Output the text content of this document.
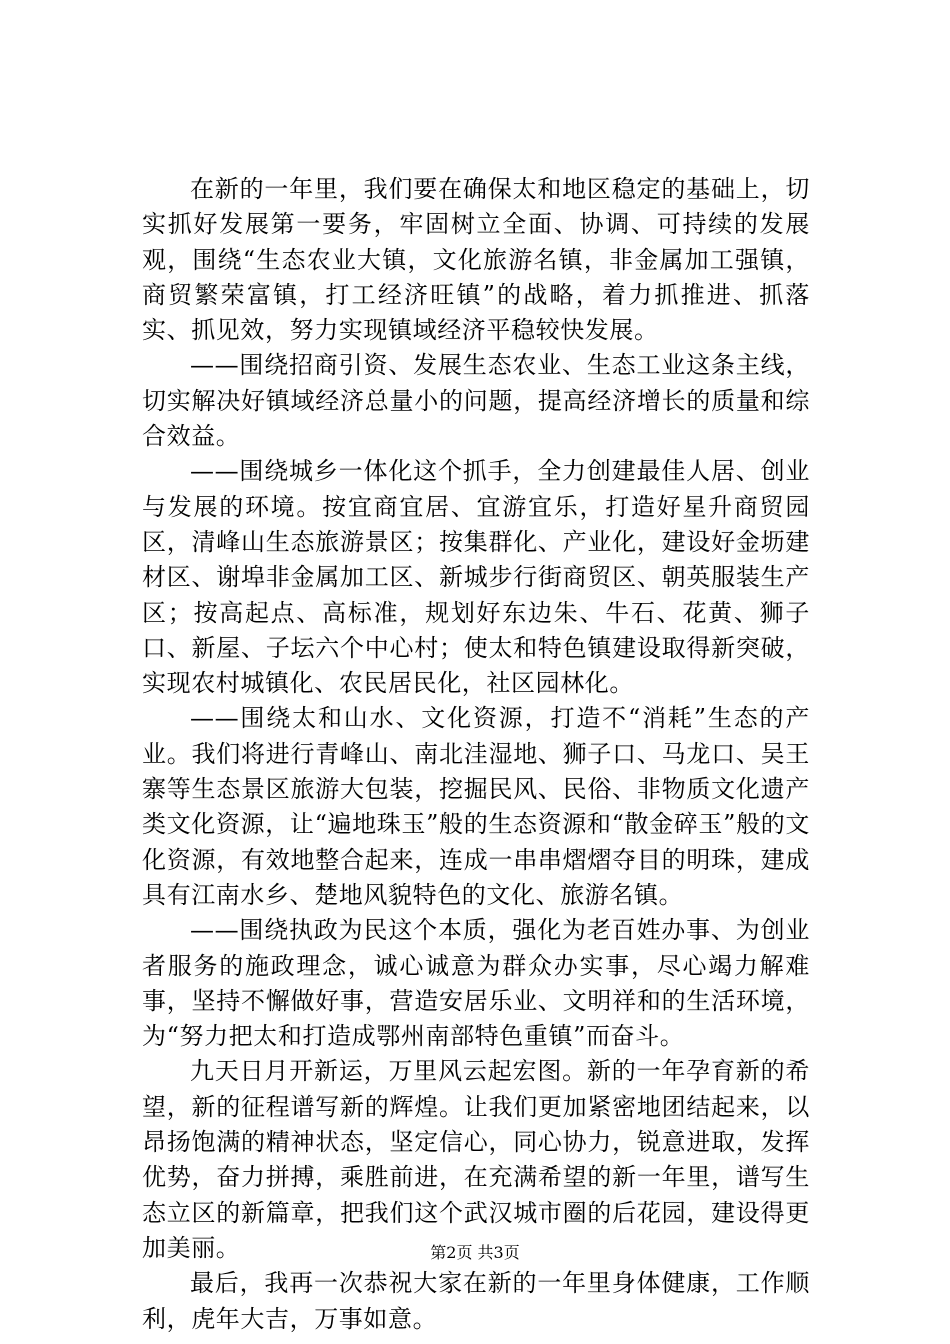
在新的一年里，我们要在确保太和地区稳定的基础上，切实抓好发展第一要务，牢固树立全面、协调、可持续的发展观，围绕“生态农业大镇，文化旅游名镇，非金属加工强镇，商贸繁荣富镇，打工经济旺镇”的战略，着力抓推进、抓落实、抓见效，努力实现镇域经济平稳较快发展。

——围绕招商引资、发展生态农业、生态工业这条主线，切实解决好镇域经济总量小的问题，提高经济增长的质量和综合效益。

——围绕城乡一体化这个抓手，全力创建最佳人居、创业与发展的环境。按宜商宜居、宜游宜乐，打造好星升商贸园区，清峰山生态旅游景区；按集群化、产业化，建设好金坜建材区、谢埠非金属加工区、新城步行街商贸区、朝英服装生产区；按高起点、高标准，规划好东边朱、牛石、花黄、狮子口、新屋、子坛六个中心村；使太和特色镇建设取得新突破，实现农村城镇化、农民居民化，社区园林化。

——围绕太和山水、文化资源，打造不“消耗”生态的产业。我们将进行青峰山、南北洼湿地、狮子口、马龙口、吴王寨等生态景区旅游大包装，挖掘民风、民俗、非物质文化遗产类文化资源，让“遍地珠玉”般的生态资源和“散金碎玉”般的文化资源，有效地整合起来，连成一串串熠熠夺目的明珠，建成具有江南水乡、楚地风貌特色的文化、旅游名镇。

——围绕执政为民这个本质，强化为老百姓办事、为创业者服务的施政理念，诚心诚意为群众办实事，尽心竭力解难事，坚持不懈做好事，营造安居乐业、文明祥和的生活环境，为“努力把太和打造成鄂州南部特色重镇”而奋斗。

九天日月开新运，万里风云起宏图。新的一年孕育新的希望，新的征程谱写新的辉煌。让我们更加紧密地团结起来，以昂扬饱满的精神状态，坚定信心，同心协力，锐意进取，发挥优势，奋力拼搏，乘胜前进，在充满希望的新一年里，谱写生态立区的新篇章，把我们这个武汉城市圈的后花园，建设得更加美丽。

最后，我再一次恭祝大家在新的一年里身体健康，工作顺利，虎年大吉，万事如意。

第2页 共3页
